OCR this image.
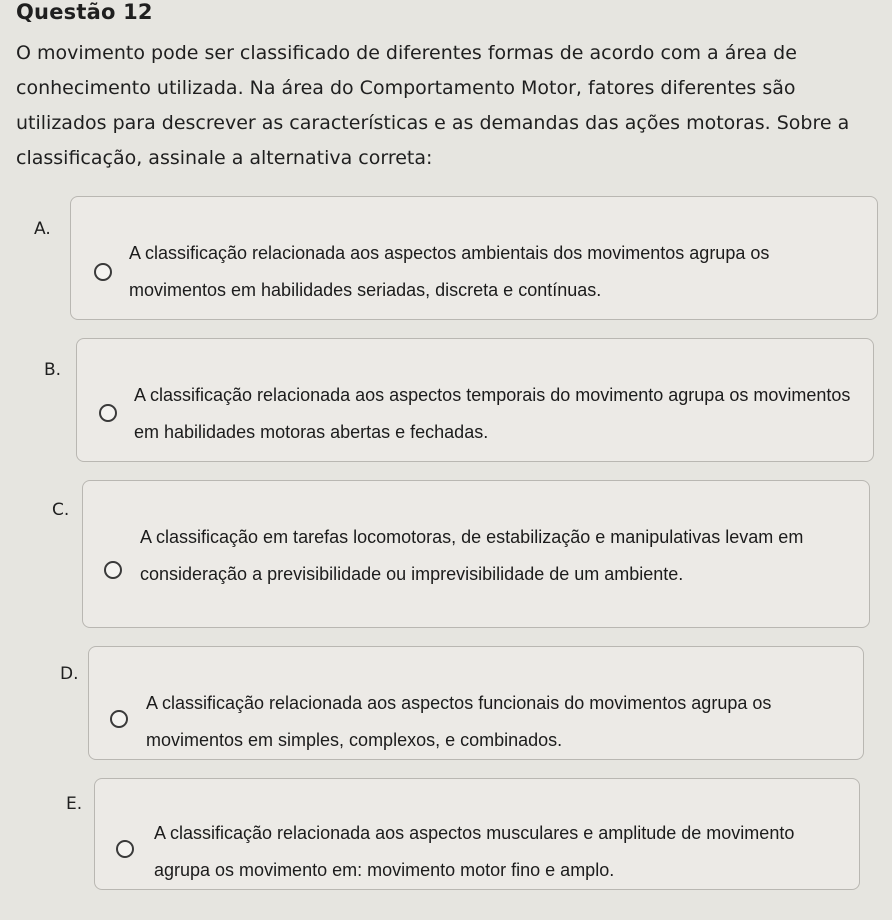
Questão 12
O movimento pode ser classificado de diferentes formas de acordo com a área de conhecimento utilizada. Na área do Comportamento Motor, fatores diferentes são utilizados para descrever as características e as demandas das ações motoras. Sobre a classificação, assinale a alternativa correta:
A.
A classificação relacionada aos aspectos ambientais dos movimentos agrupa os movimentos em habilidades seriadas, discreta e contínuas.
B.
A classificação relacionada aos aspectos temporais do movimento agrupa os movimentos em habilidades motoras abertas e fechadas.
C.
A classificação em tarefas locomotoras, de estabilização e manipulativas levam em consideração a previsibilidade ou imprevisibilidade de um ambiente.
D.
A classificação relacionada aos aspectos funcionais do movimentos agrupa os movimentos em simples, complexos, e combinados.
E.
A classificação relacionada aos aspectos musculares e amplitude de movimento agrupa os movimento em: movimento motor fino e amplo.
